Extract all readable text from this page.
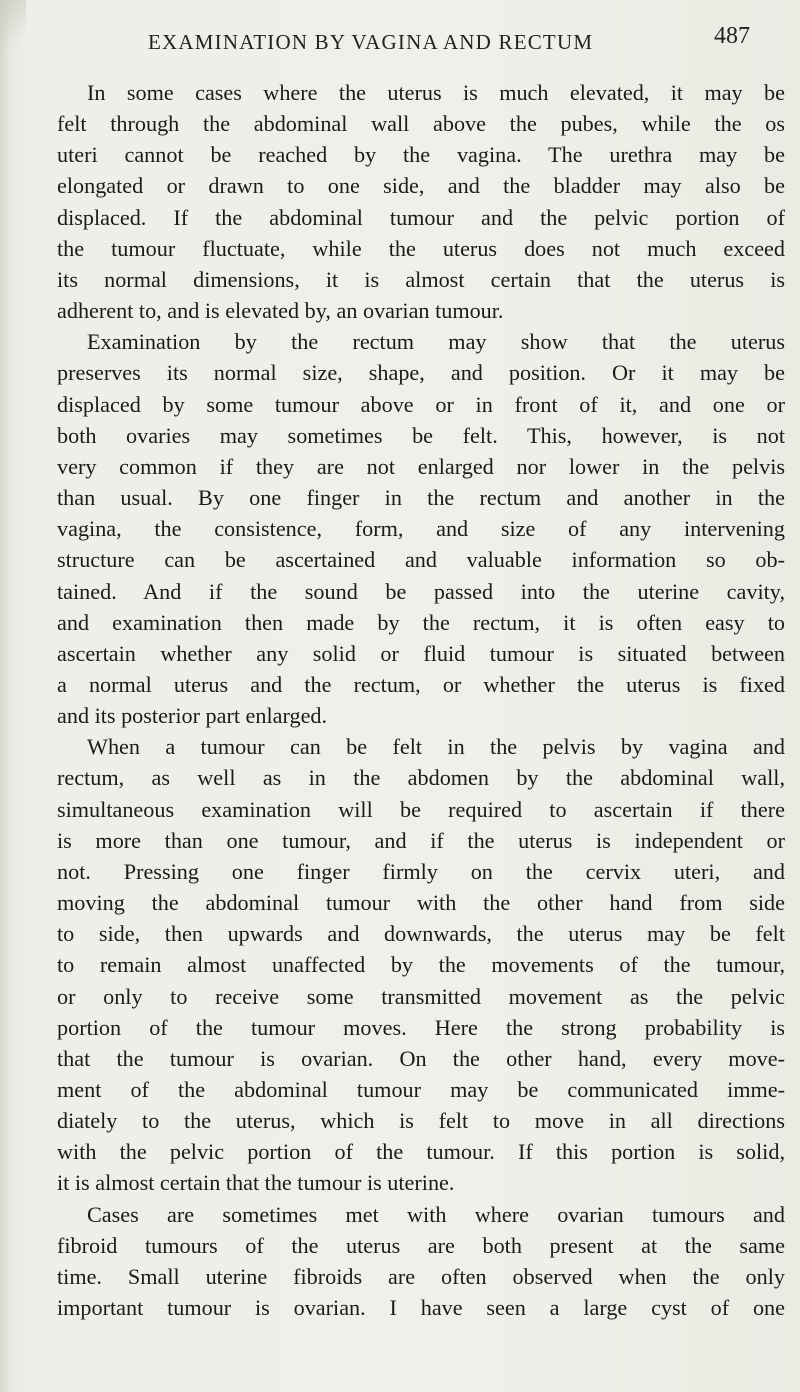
EXAMINATION BY VAGINA AND RECTUM	487
In some cases where the uterus is much elevated, it may be
felt through the abdominal wall above the pubes, while the os
uteri cannot be reached by the vagina. The urethra may be
elongated or drawn to one side, and the bladder may also be
displaced. If the abdominal tumour and the pelvic portion of
the tumour fluctuate, while the uterus does not much exceed
its normal dimensions, it is almost certain that the uterus is
adherent to, and is elevated by, an ovarian tumour.
Examination by the rectum may show that the uterus
preserves its normal size, shape, and position. Or it may be
displaced by some tumour above or in front of it, and one or
both ovaries may sometimes be felt. This, however, is not
very common if they are not enlarged nor lower in the pelvis
than usual. By one finger in the rectum and another in the
vagina, the consistence, form, and size of any intervening
structure can be ascertained and valuable information so ob-
tained. And if the sound be passed into the uterine cavity,
and examination then made by the rectum, it is often easy to
ascertain whether any solid or fluid tumour is situated between
a normal uterus and the rectum, or whether the uterus is fixed
and its posterior part enlarged.
When a tumour can be felt in the pelvis by vagina and
rectum, as well as in the abdomen by the abdominal wall,
simultaneous examination will be required to ascertain if there
is more than one tumour, and if the uterus is independent or
not. Pressing one finger firmly on the cervix uteri, and
moving the abdominal tumour with the other hand from side
to side, then upwards and downwards, the uterus may be felt
to remain almost unaffected by the movements of the tumour,
or only to receive some transmitted movement as the pelvic
portion of the tumour moves. Here the strong probability is
that the tumour is ovarian. On the other hand, every move-
ment of the abdominal tumour may be communicated imme-
diately to the uterus, which is felt to move in all directions
with the pelvic portion of the tumour. If this portion is solid,
it is almost certain that the tumour is uterine.
Cases are sometimes met with where ovarian tumours and
fibroid tumours of the uterus are both present at the same
time. Small uterine fibroids are often observed when the only
important tumour is ovarian. I have seen a large cyst of one
